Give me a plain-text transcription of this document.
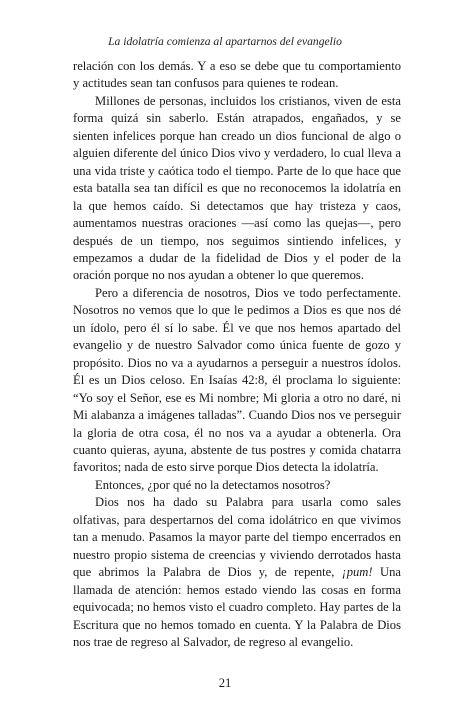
La idolatría comienza al apartarnos del evangelio

relación con los demás. Y a eso se debe que tu comportamiento y actitudes sean tan confusos para quienes te rodean.

Millones de personas, incluidos los cristianos, viven de esta forma quizá sin saberlo. Están atrapados, engañados, y se sienten infelices porque han creado un dios funcional de algo o alguien diferente del único Dios vivo y verdadero, lo cual lleva a una vida triste y caótica todo el tiempo. Parte de lo que hace que esta batalla sea tan difícil es que no reconocemos la idolatría en la que hemos caído. Si detectamos que hay tristeza y caos, aumentamos nuestras oraciones —así como las quejas—, pero después de un tiempo, nos seguimos sintiendo infelices, y empezamos a dudar de la fidelidad de Dios y el poder de la oración porque no nos ayudan a obtener lo que queremos.

Pero a diferencia de nosotros, Dios ve todo perfectamente. Nosotros no vemos que lo que le pedimos a Dios es que nos dé un ídolo, pero él sí lo sabe. Él ve que nos hemos apartado del evangelio y de nuestro Salvador como única fuente de gozo y propósito. Dios no va a ayudarnos a perseguir a nuestros ídolos. Él es un Dios celoso. En Isaías 42:8, él proclama lo siguiente: “Yo soy el Señor, ese es Mi nombre; Mi gloria a otro no daré, ni Mi alabanza a imágenes talladas”. Cuando Dios nos ve perseguir la gloria de otra cosa, él no nos va a ayudar a obtenerla. Ora cuanto quieras, ayuna, abstente de tus postres y comida chatarra favoritos; nada de esto sirve porque Dios detecta la idolatría.

Entonces, ¿por qué no la detectamos nosotros?

Dios nos ha dado su Palabra para usarla como sales olfativas, para despertarnos del coma idolátrico en que vivimos tan a menudo. Pasamos la mayor parte del tiempo encerrados en nuestro propio sistema de creencias y viviendo derrotados hasta que abrimos la Palabra de Dios y, de repente, ¡pum! Una llamada de atención: hemos estado viendo las cosas en forma equivocada; no hemos visto el cuadro completo. Hay partes de la Escritura que no hemos tomado en cuenta. Y la Palabra de Dios nos trae de regreso al Salvador, de regreso al evangelio.

21
